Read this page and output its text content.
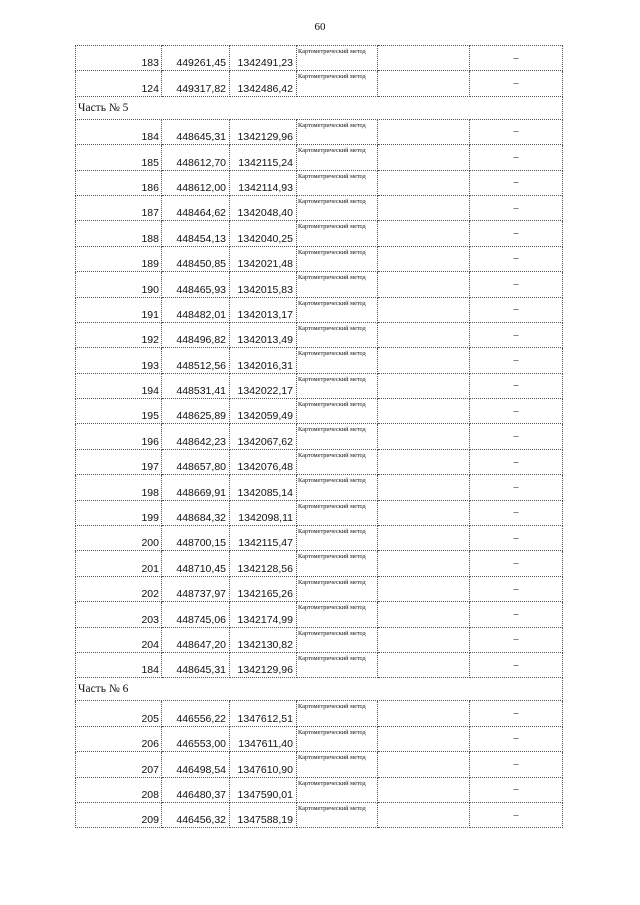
60
183	449261,45	1342491,23	Картометрический метод		–
124	449317,82	1342486,42	Картометрический метод		–
Часть № 5					
184	448645,31	1342129,96	Картометрический метод		–
185	448612,70	1342115,24	Картометрический метод		–
186	448612,00	1342114,93	Картометрический метод		–
187	448464,62	1342048,40	Картометрический метод		–
188	448454,13	1342040,25	Картометрический метод		–
189	448450,85	1342021,48	Картометрический метод		–
190	448465,93	1342015,83	Картометрический метод		–
191	448482,01	1342013,17	Картометрический метод		–
192	448496,82	1342013,49	Картометрический метод		–
193	448512,56	1342016,31	Картометрический метод		–
194	448531,41	1342022,17	Картометрический метод		–
195	448625,89	1342059,49	Картометрический метод		–
196	448642,23	1342067,62	Картометрический метод		–
197	448657,80	1342076,48	Картометрический метод		–
198	448669,91	1342085,14	Картометрический метод		–
199	448684,32	1342098,11	Картометрический метод		–
200	448700,15	1342115,47	Картометрический метод		–
201	448710,45	1342128,56	Картометрический метод		–
202	448737,97	1342165,26	Картометрический метод		–
203	448745,06	1342174,99	Картометрический метод		–
204	448647,20	1342130,82	Картометрический метод		–
184	448645,31	1342129,96	Картометрический метод		–
Часть № 6					
205	446556,22	1347612,51	Картометрический метод		–
206	446553,00	1347611,40	Картометрический метод		–
207	446498,54	1347610,90	Картометрический метод		–
208	446480,37	1347590,01	Картометрический метод		–
209	446456,32	1347588,19	Картометрический метод		–
